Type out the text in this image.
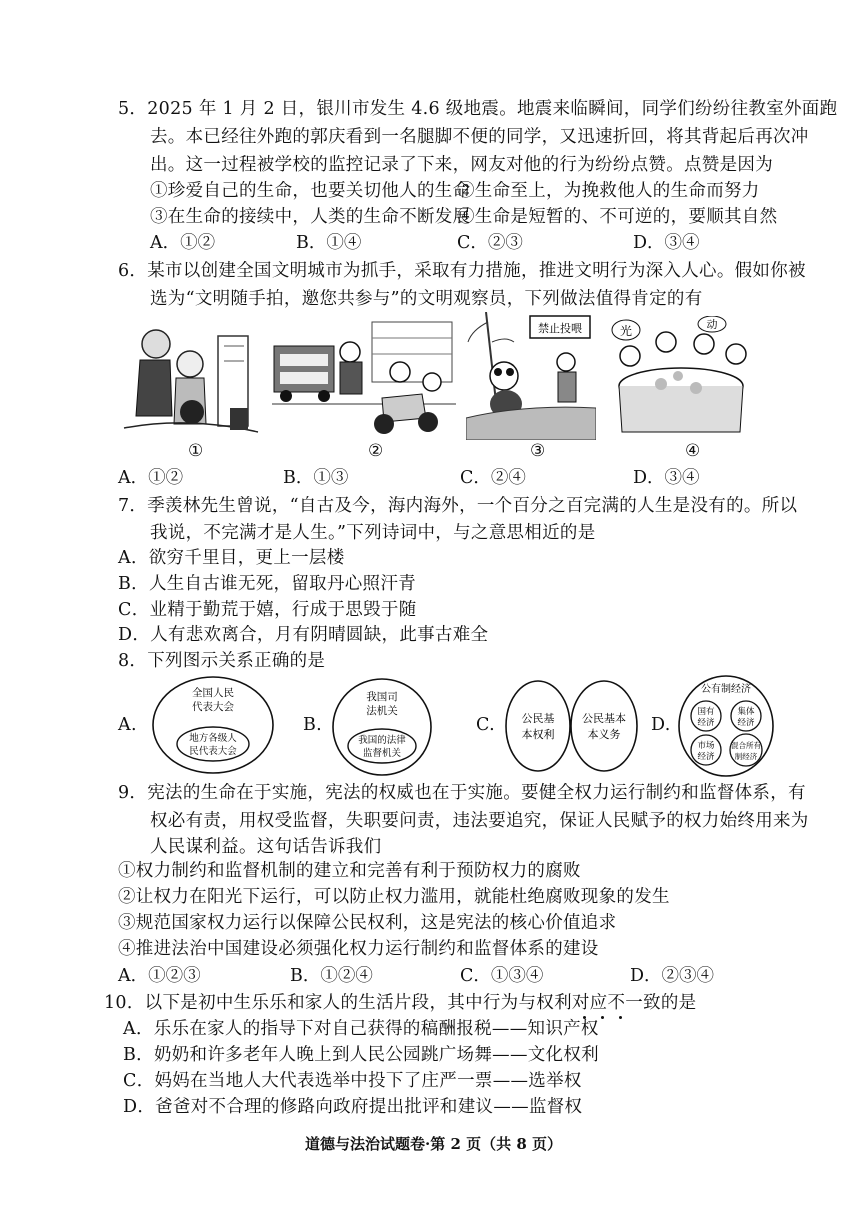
5．2025 年 1 月 2 日，银川市发生 4.6 级地震。地震来临瞬间，同学们纷纷往教室外面跑
去。本已经往外跑的郭庆看到一名腿脚不便的同学，又迅速折回，将其背起后再次冲
出。这一过程被学校的监控记录了下来，网友对他的行为纷纷点赞。点赞是因为
①珍爱自己的生命，也要关切他人的生命
②生命至上，为挽救他人的生命而努力
③在生命的接续中，人类的生命不断发展
④生命是短暂的、不可逆的，要顺其自然
A．①②	B．①④	C．②③	D．③④
6．某市以创建全国文明城市为抓手，采取有力措施，推进文明行为深入人心。假如你被
选为“文明随手拍，邀您共参与”的文明观察员，下列做法值得肯定的有
①	②
禁止投喂
③
光	动
④
A．①②	B．①③	C．②④	D．③④
7．季羡林先生曾说，“自古及今，海内海外，一个百分之百完满的人生是没有的。所以
我说，不完满才是人生。”下列诗词中，与之意思相近的是
A．欲穷千里目，更上一层楼
B．人生自古谁无死，留取丹心照汗青
C．业精于勤荒于嬉，行成于思毁于随
D．人有悲欢离合，月有阴晴圆缺，此事古难全
8．下列图示关系正确的是
A.
全国人民
代表大会
地方各级人
民代表大会
B.
我国司
法机关
我国的法律
监督机关
C. 公民基
本权利
公民基本
本义务 D.
公有制经济
国有
经济
集体
经济
市场
经济
混合所有
制经济
9．宪法的生命在于实施，宪法的权威也在于实施。要健全权力运行制约和监督体系，有
权必有责，用权受监督，失职要问责，违法要追究，保证人民赋予的权力始终用来为
人民谋利益。这句话告诉我们
①权力制约和监督机制的建立和完善有利于预防权力的腐败
②让权力在阳光下运行，可以防止权力滥用，就能杜绝腐败现象的发生
③规范国家权力运行以保障公民权利，这是宪法的核心价值追求
④推进法治中国建设必须强化权力运行制约和监督体系的建设
A．①②③	B．①②④	C．①③④	D．②③④
10．以下是初中生乐乐和家人的生活片段，其中行为与权利对应不一致的是
A．乐乐在家人的指导下对自己获得的稿酬报税——知识产权
B．奶奶和许多老年人晚上到人民公园跳广场舞——文化权利
C．妈妈在当地人大代表选举中投下了庄严一票——选举权
D．爸爸对不合理的修路向政府提出批评和建议——监督权
道德与法治试题卷·第 2 页（共 8 页）
